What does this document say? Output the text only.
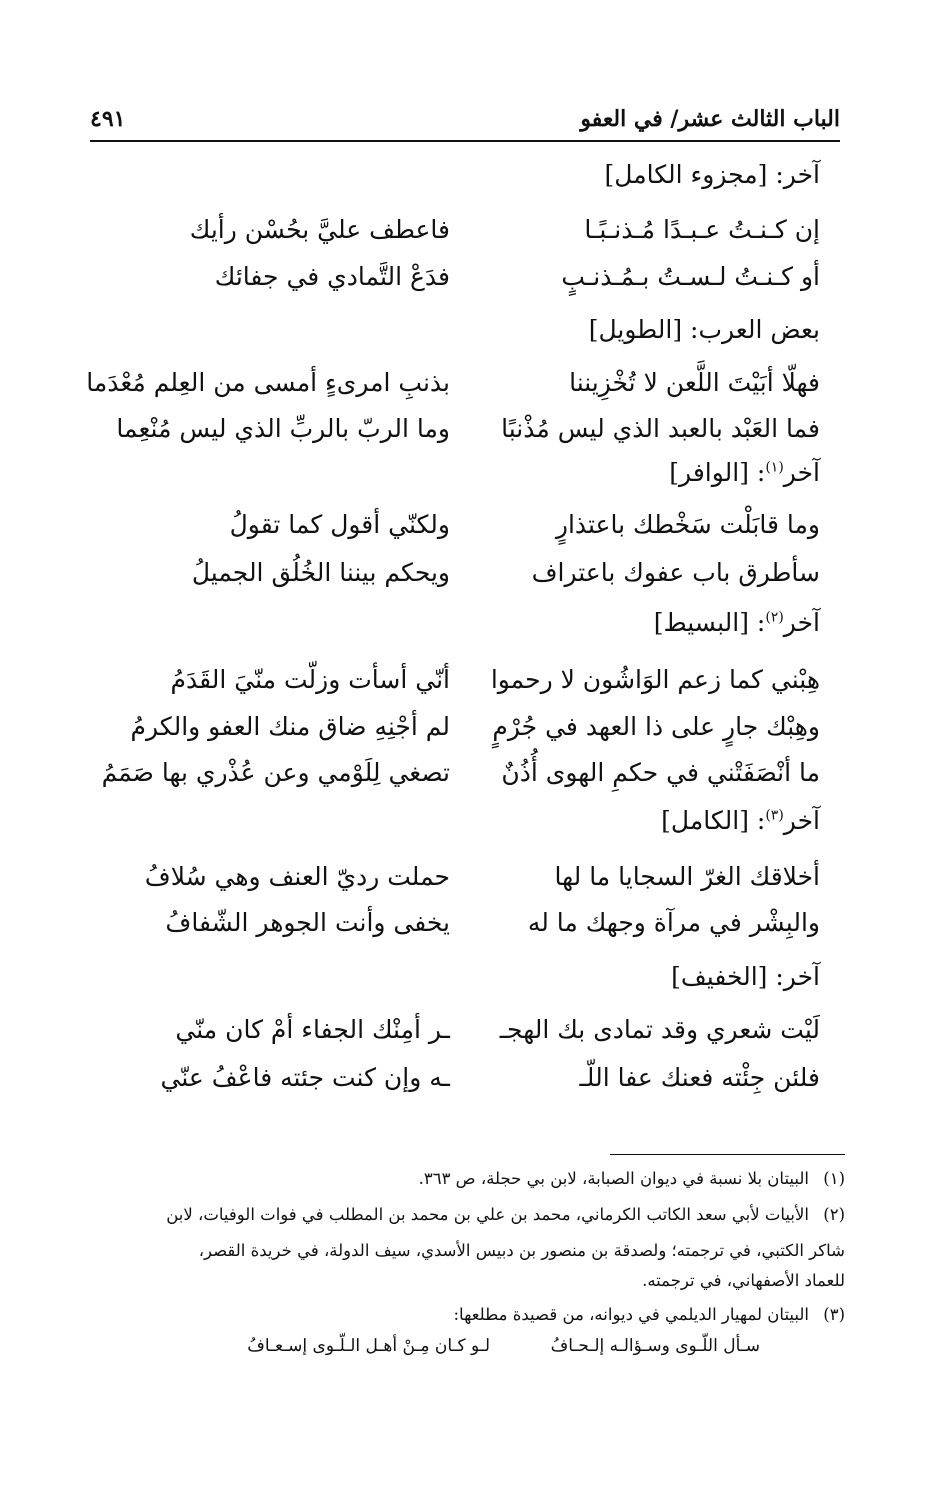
الباب الثالث عشر/ في العفو
٤٩١
آخر: [مجزوء الكامل]
إن كـنـتُ عـبـدًا مُـذنـبًـا
فاعطف عليَّ بحُسْن رأيك
أو كـنـتُ لـسـتُ بـمُـذنـبٍ
فدَعْ التَّمادي في جفائك
بعض العرب: [الطويل]
فهلّا أبَيْتَ اللَّعن لا تُخْزِيننا
بذنبِ امرىءٍ أمسى من العِلم مُعْدَما
فما العَبْد بالعبد الذي ليس مُذْنبًا
وما الربّ بالربِّ الذي ليس مُنْعِما
آخر$^{(١)}$: [الوافر]
وما قابَلْت سَخْطك باعتذارٍ
ولكنّي أقول كما تقولُ
سأطرق باب عفوك باعتراف
ويحكم بيننا الخُلُق الجميلُ
آخر$^{(٢)}$: [البسيط]
هِبْني كما زعم الوَاشُون لا رحموا
أنّي أسأت وزلّت منّيَ القَدَمُ
وهِبْك جارٍ على ذا العهد في جُرْمٍ
لم أجْنِهِ ضاق منك العفو والكرمُ
ما أنْصَفَتْني في حكمِ الهوى أُذُنٌ
تصغي لِلَوْمي وعن عُذْري بها صَمَمُ
آخر$^{(٣)}$: [الكامل]
أخلاقك الغرّ السجايا ما لها
حملت رديّ العنف وهي سُلافُ
والبِشْر في مرآة وجهك ما له
يخفى وأنت الجوهر الشّفافُ
آخر: [الخفيف]
لَيْت شعري وقد تمادى بك الهجـ
ـر أمِنْك الجفاء أمْ كان منّي
فلئن جِئْته فعنك عفا اللّـ
ـه وإن كنت جئته فاعْفُ عنّي
(١)البيتان بلا نسبة في ديوان الصبابة، لابن بي حجلة، ص ٣٦٣.
(٢)الأبيات لأبي سعد الكاتب الكرماني، محمد بن علي بن محمد بن المطلب في فوات الوفيات، لابن
شاكر الكتبي، في ترجمته؛ ولصدقة بن منصور بن دبيس الأسدي، سيف الدولة، في خريدة القصر،
للعماد الأصفهاني، في ترجمته.
(٣)البيتان لمهيار الديلمي في ديوانه، من قصيدة مطلعها:
سـأل اللّـوى وسـؤالـه إلـحـافُ
لـو كـان مِـنْ أهـل الـلّـوى إسـعـافُ
